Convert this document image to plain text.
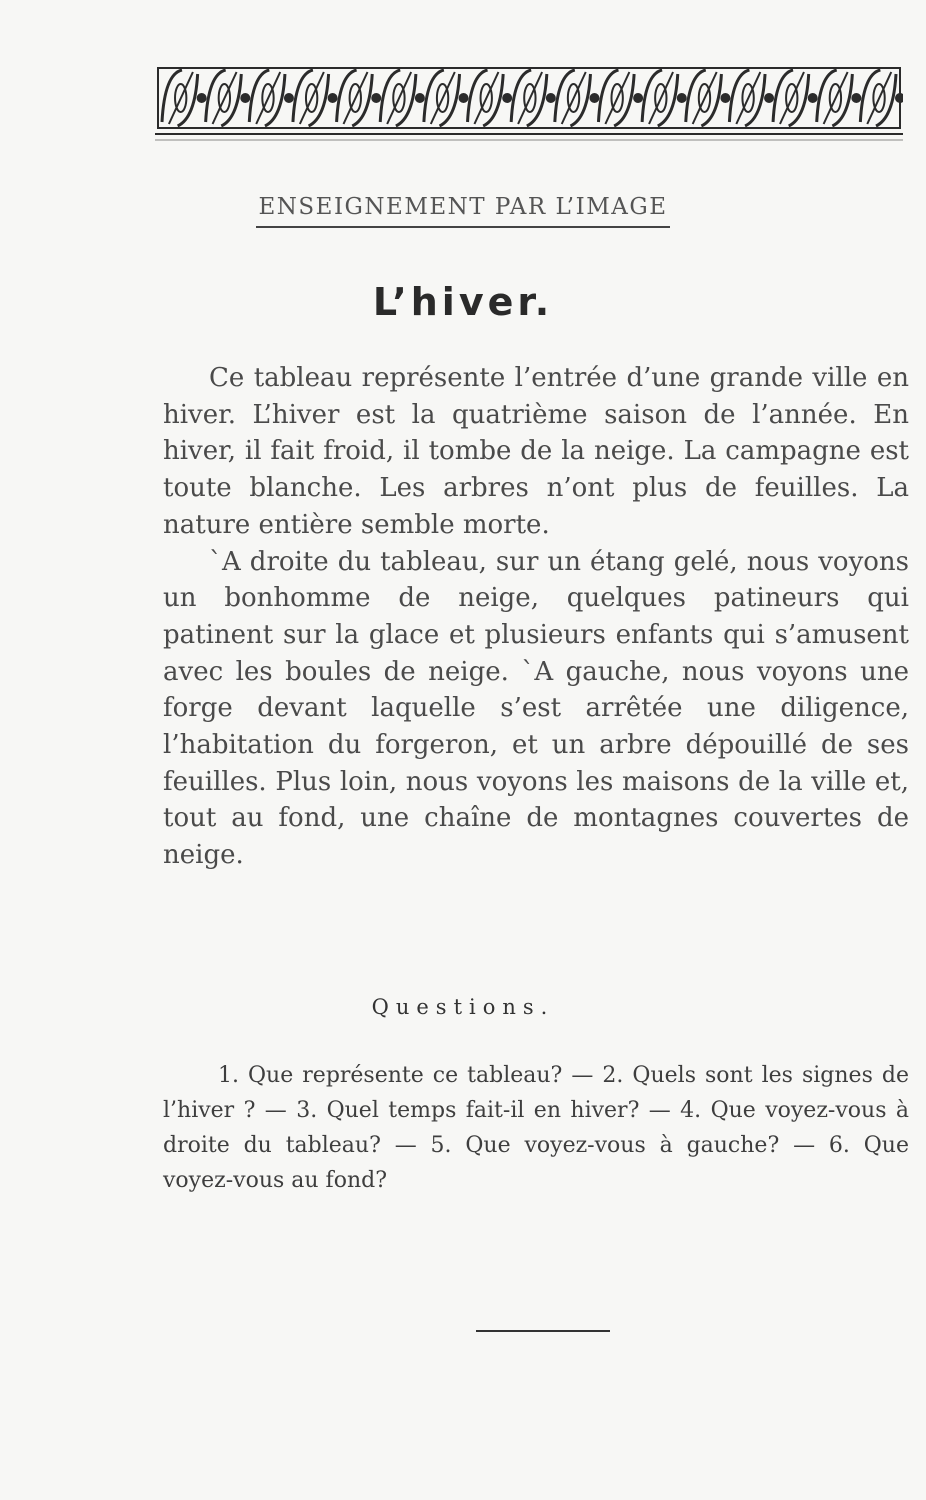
ENSEIGNEMENT PAR L’IMAGE
L’hiver.

Ce tableau représente l’entrée d’une grande ville en hiver. L’hiver est la quatrième saison de l’année. En hiver, il fait froid, il tombe de la neige. La campagne est toute blanche. Les arbres n’ont plus de feuilles. La nature entière semble morte.

`A droite du tableau, sur un étang gelé, nous voyons un bonhomme de neige, quelques patineurs qui patinent sur la glace et plusieurs enfants qui s’amusent avec les boules de neige. `A gauche, nous voyons une forge devant laquelle s’est arrêtée une diligence, l’habitation du forgeron, et un arbre dépouillé de ses feuilles. Plus loin, nous voyons les maisons de la ville et, tout au fond, une chaîne de montagnes couvertes de neige.

Questions.

1. Que représente ce tableau? — 2. Quels sont les signes de l’hiver ? — 3. Quel temps fait-il en hiver? — 4. Que voyez-vous à droite du tableau? — 5. Que voyez-vous à gauche? — 6. Que voyez-vous au fond?
